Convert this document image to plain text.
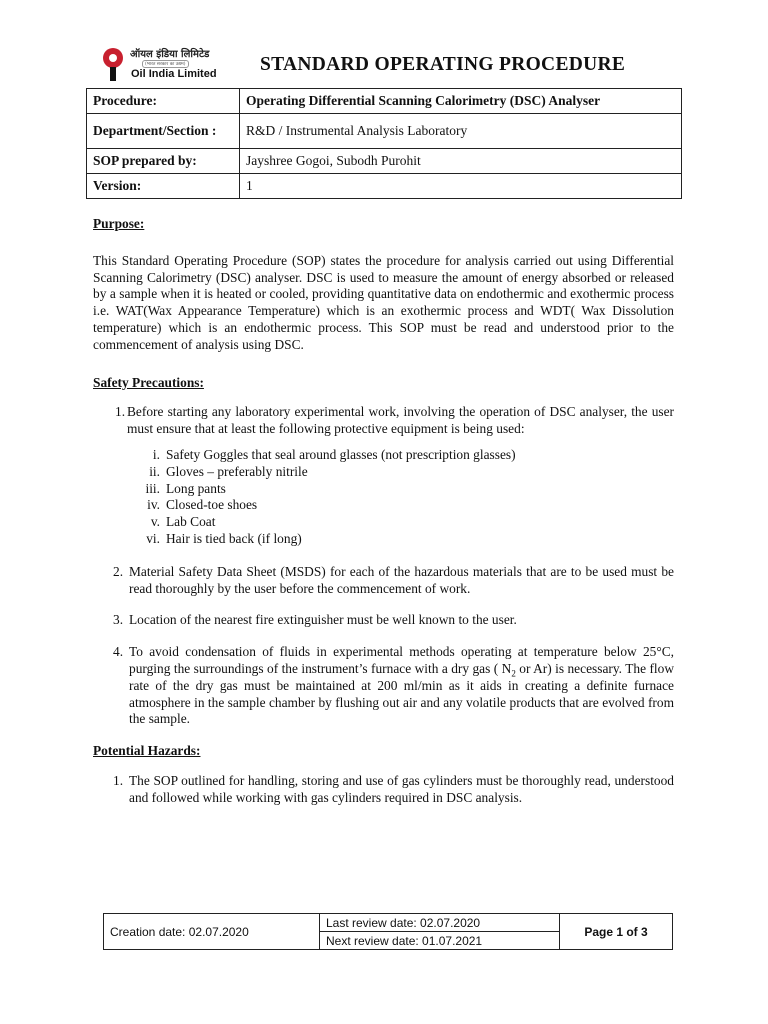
ऑयल इंडिया लिमिटेड
(भारत सरकार का उद्यम)
Oil India Limited STANDARD OPERATING PROCEDURE
Procedure:	Operating Differential Scanning Calorimetry (DSC) Analyser
Department/Section :	R&D / Instrumental Analysis Laboratory
SOP prepared by:	Jayshree Gogoi, Subodh Purohit
Version:	1

Purpose:

This Standard Operating Procedure (SOP) states the procedure for analysis carried out using Differential Scanning Calorimetry (DSC) analyser. DSC is used to measure the amount of energy absorbed or released by a sample when it is heated or cooled, providing quantitative data on endothermic and exothermic process i.e. WAT(Wax Appearance Temperature) which is an exothermic process and WDT( Wax Dissolution temperature) which is an endothermic process. This SOP must be read and understood prior to the commencement of analysis using DSC.

Safety Precautions:

1. Before starting any laboratory experimental work, involving the operation of DSC analyser, the user must ensure that at least the following protective equipment is being used:
i. Safety Goggles that seal around glasses (not prescription glasses)
ii. Gloves – preferably nitrile
iii. Long pants
iv. Closed-toe shoes
v. Lab Coat
vi. Hair is tied back (if long)
2. Material Safety Data Sheet (MSDS) for each of the hazardous materials that are to be used must be read thoroughly by the user before the commencement of work.
3. Location of the nearest fire extinguisher must be well known to the user.
4. To avoid condensation of fluids in experimental methods operating at temperature below 25°C, purging the surroundings of the instrument’s furnace with a dry gas ( $N_2$ or Ar) is necessary. The flow rate of the dry gas must be maintained at 200 ml/min as it aids in creating a definite furnace atmosphere in the sample chamber by flushing out air and any volatile products that are evolved from the sample.

Potential Hazards:

1. The SOP outlined for handling, storing and use of gas cylinders must be thoroughly read, understood and followed while working with gas cylinders required in DSC analysis.
Creation date: 02.07.2020	Last review date: 02.07.2020	Page 1 of 3
Next review date: 01.07.2021
